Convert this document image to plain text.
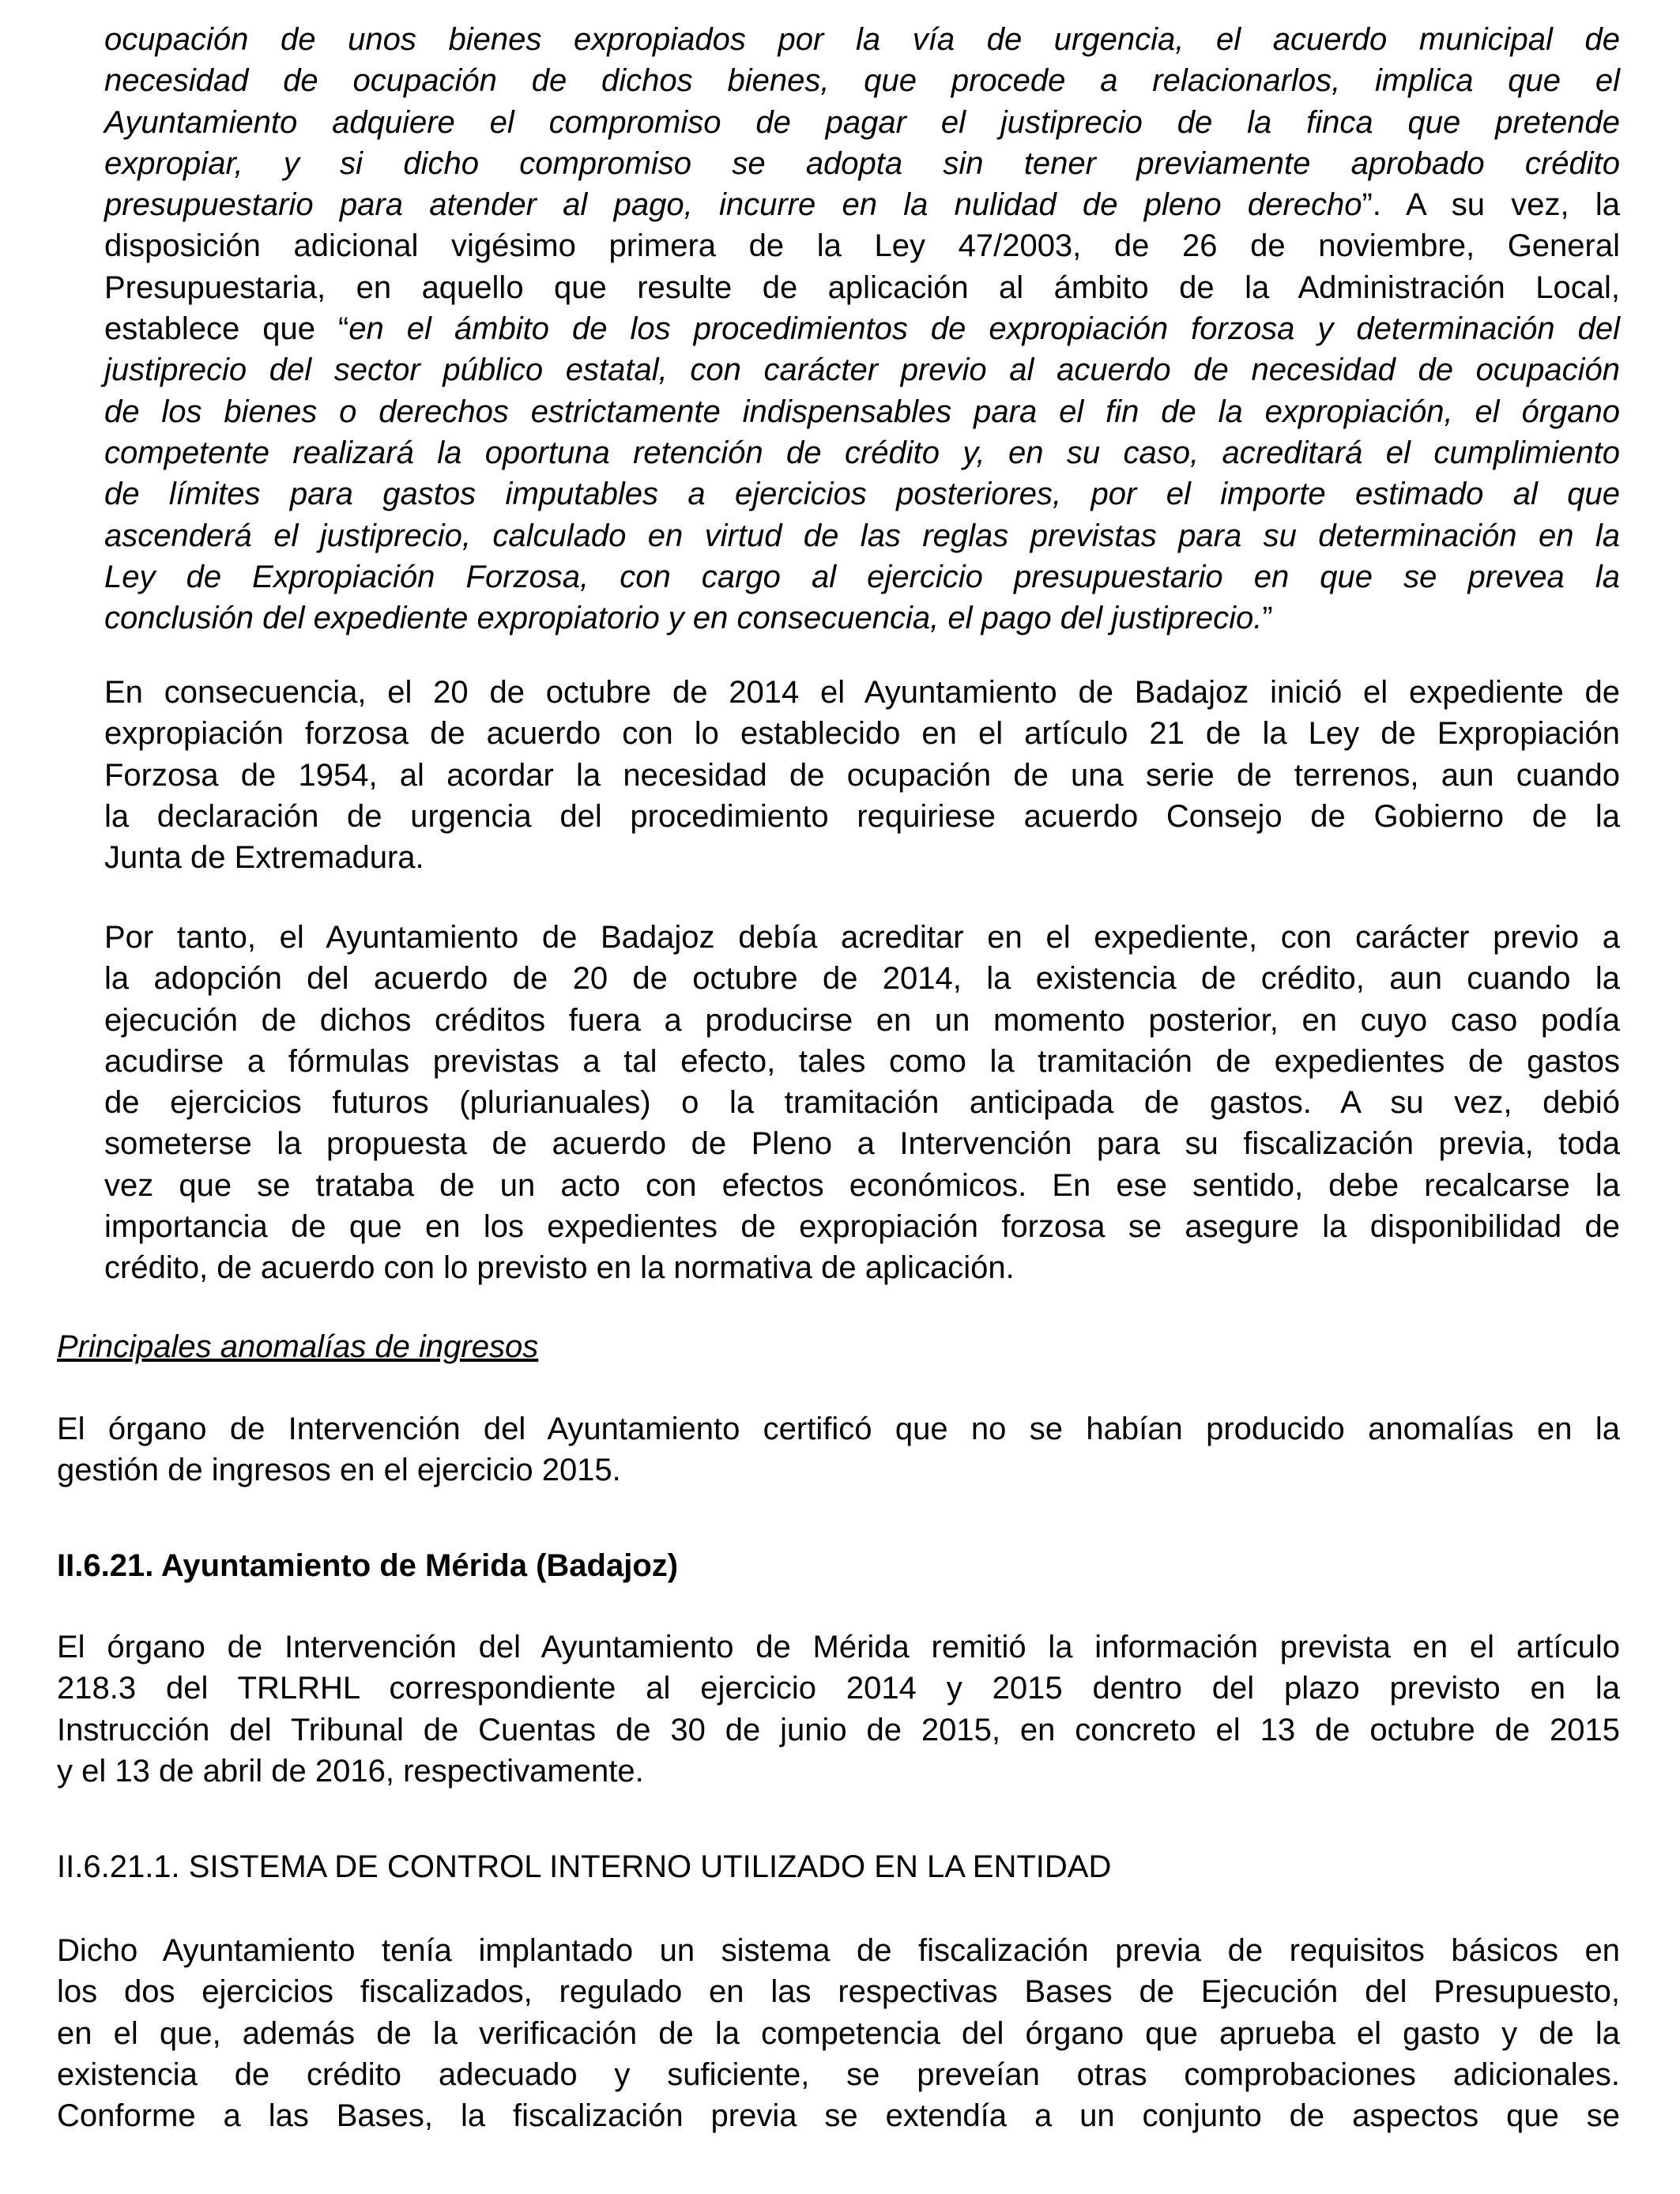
ocupación de unos bienes expropiados por la vía de urgencia, el acuerdo municipal de
necesidad de ocupación de dichos bienes, que procede a relacionarlos, implica que el
Ayuntamiento adquiere el compromiso de pagar el justiprecio de la finca que pretende
expropiar, y si dicho compromiso se adopta sin tener previamente aprobado crédito
presupuestario para atender al pago, incurre en la nulidad de pleno derecho”. A su vez, la
disposición adicional vigésimo primera de la Ley 47/2003, de 26 de noviembre, General
Presupuestaria, en aquello que resulte de aplicación al ámbito de la Administración Local,
establece que “en el ámbito de los procedimientos de expropiación forzosa y determinación del
justiprecio del sector público estatal, con carácter previo al acuerdo de necesidad de ocupación
de los bienes o derechos estrictamente indispensables para el fin de la expropiación, el órgano
competente realizará la oportuna retención de crédito y, en su caso, acreditará el cumplimiento
de límites para gastos imputables a ejercicios posteriores, por el importe estimado al que
ascenderá el justiprecio, calculado en virtud de las reglas previstas para su determinación en la
Ley de Expropiación Forzosa, con cargo al ejercicio presupuestario en que se prevea la
conclusión del expediente expropiatorio y en consecuencia, el pago del justiprecio.”
En consecuencia, el 20 de octubre de 2014 el Ayuntamiento de Badajoz inició el expediente de
expropiación forzosa de acuerdo con lo establecido en el artículo 21 de la Ley de Expropiación
Forzosa de 1954, al acordar la necesidad de ocupación de una serie de terrenos, aun cuando
la declaración de urgencia del procedimiento requiriese acuerdo Consejo de Gobierno de la
Junta de Extremadura.
Por tanto, el Ayuntamiento de Badajoz debía acreditar en el expediente, con carácter previo a
la adopción del acuerdo de 20 de octubre de 2014, la existencia de crédito, aun cuando la
ejecución de dichos créditos fuera a producirse en un momento posterior, en cuyo caso podía
acudirse a fórmulas previstas a tal efecto, tales como la tramitación de expedientes de gastos
de ejercicios futuros (plurianuales) o la tramitación anticipada de gastos. A su vez, debió
someterse la propuesta de acuerdo de Pleno a Intervención para su fiscalización previa, toda
vez que se trataba de un acto con efectos económicos. En ese sentido, debe recalcarse la
importancia de que en los expedientes de expropiación forzosa se asegure la disponibilidad de
crédito, de acuerdo con lo previsto en la normativa de aplicación.
Principales anomalías de ingresos
El órgano de Intervención del Ayuntamiento certificó que no se habían producido anomalías en la
gestión de ingresos en el ejercicio 2015.
II.6.21. Ayuntamiento de Mérida (Badajoz)
El órgano de Intervención del Ayuntamiento de Mérida remitió la información prevista en el artículo
218.3 del TRLRHL correspondiente al ejercicio 2014 y 2015 dentro del plazo previsto en la
Instrucción del Tribunal de Cuentas de 30 de junio de 2015, en concreto el 13 de octubre de 2015
y el 13 de abril de 2016, respectivamente.
II.6.21.1. SISTEMA DE CONTROL INTERNO UTILIZADO EN LA ENTIDAD
Dicho Ayuntamiento tenía implantado un sistema de fiscalización previa de requisitos básicos en
los dos ejercicios fiscalizados, regulado en las respectivas Bases de Ejecución del Presupuesto,
en el que, además de la verificación de la competencia del órgano que aprueba el gasto y de la
existencia de crédito adecuado y suficiente, se preveían otras comprobaciones adicionales.
Conforme a las Bases, la fiscalización previa se extendía a un conjunto de aspectos que se
